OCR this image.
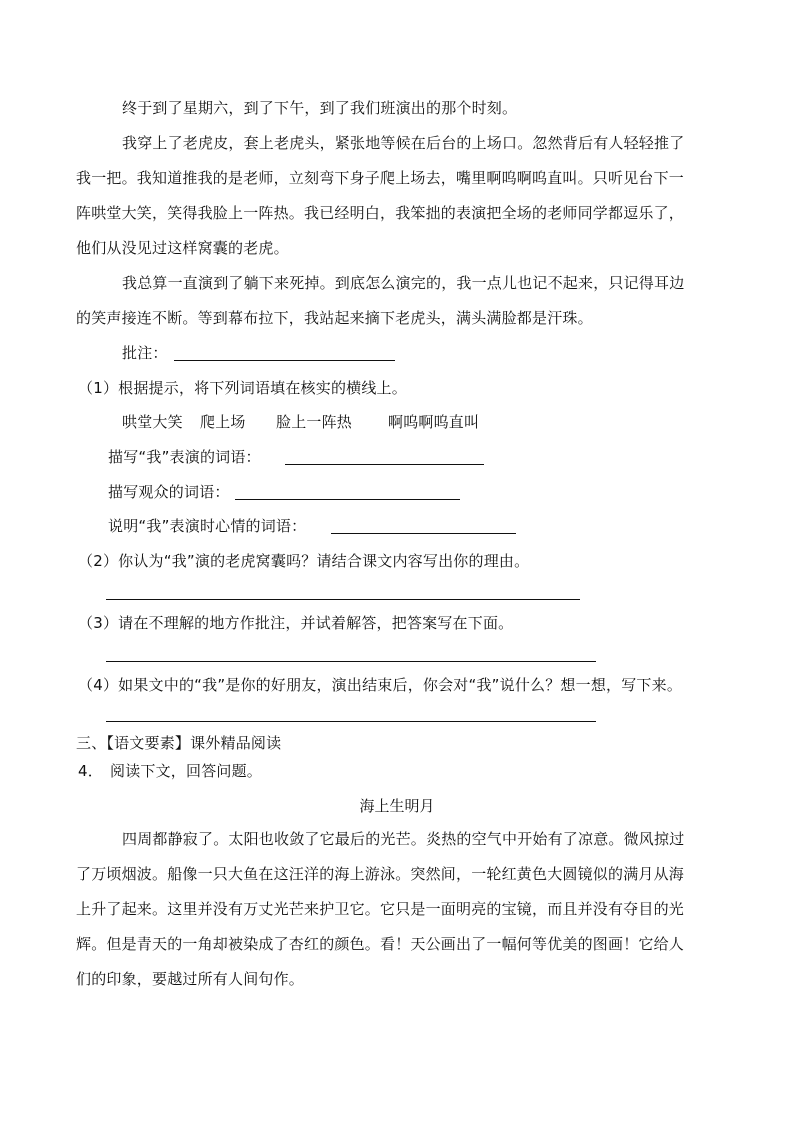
终于到了星期六，到了下午，到了我们班演出的那个时刻。
我穿上了老虎皮，套上老虎头，紧张地等候在后台的上场口。忽然背后有人轻轻推了
我一把。我知道推我的是老师，立刻弯下身子爬上场去，嘴里啊呜啊呜直叫。只听见台下一
阵哄堂大笑，笑得我脸上一阵热。我已经明白，我笨拙的表演把全场的老师同学都逗乐了，
他们从没见过这样窝囊的老虎。
我总算一直演到了躺下来死掉。到底怎么演完的，我一点儿也记不起来，只记得耳边
的笑声接连不断。等到幕布拉下，我站起来摘下老虎头，满头满脸都是汗珠。
批注：
（1）根据提示，将下列词语填在核实的横线上。
哄堂大笑 爬上场 脸上一阵热 啊呜啊呜直叫
描写“我”表演的词语：
描写观众的词语：
说明“我”表演时心情的词语：
（2）你认为“我”演的老虎窝囊吗？请结合课文内容写出你的理由。
（3）请在不理解的地方作批注，并试着解答，把答案写在下面。
（4）如果文中的“我”是你的好朋友，演出结束后，你会对“我”说什么？想一想，写下来。
三、【语文要素】课外精品阅读
4． 阅读下文，回答问题。
海上生明月
四周都静寂了。太阳也收敛了它最后的光芒。炎热的空气中开始有了凉意。微风掠过
了万顷烟波。船像一只大鱼在这汪洋的海上游泳。突然间，一轮红黄色大圆镜似的满月从海
上升了起来。这里并没有万丈光芒来护卫它。它只是一面明亮的宝镜，而且并没有夺目的光
辉。但是青天的一角却被染成了杏红的颜色。看！天公画出了一幅何等优美的图画！它给人
们的印象，要越过所有人间句作。
